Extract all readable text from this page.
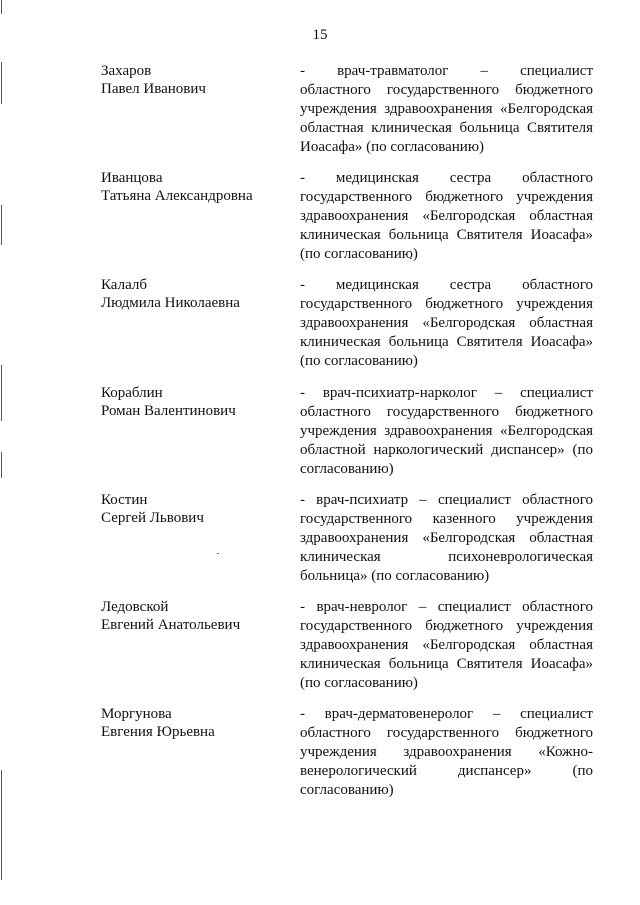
15
Захаров
Павел Иванович
- врач-травматолог – специалист
областного государственного бюджетного
учреждения здравоохранения «Белгородская
областная клиническая больница Святителя
Иоасафа» (по согласованию)
Иванцова
Татьяна Александровна
- медицинская сестра областного
государственного бюджетного учреждения
здравоохранения «Белгородская областная
клиническая больница Святителя Иоасафа»
(по согласованию)
Калалб
Людмила Николаевна
- медицинская сестра областного
государственного бюджетного учреждения
здравоохранения «Белгородская областная
клиническая больница Святителя Иоасафа»
(по согласованию)
Кораблин
Роман Валентинович
- врач-психиатр-нарколог – специалист
областного государственного бюджетного
учреждения здравоохранения «Белгородская
областной наркологический диспансер» (по
согласованию)
Костин
Сергей Львович
- врач-психиатр – специалист областного
государственного казенного учреждения
здравоохранения «Белгородская областная
клиническая психоневрологическая
больница» (по согласованию)
Ледовской
Евгений Анатольевич
- врач-невролог – специалист областного
государственного бюджетного учреждения
здравоохранения «Белгородская областная
клиническая больница Святителя Иоасафа»
(по согласованию)
Моргунова
Евгения Юрьевна
- врач-дерматовенеролог – специалист
областного государственного бюджетного
учреждения здравоохранения «Кожно-
венерологический диспансер» (по
согласованию)
